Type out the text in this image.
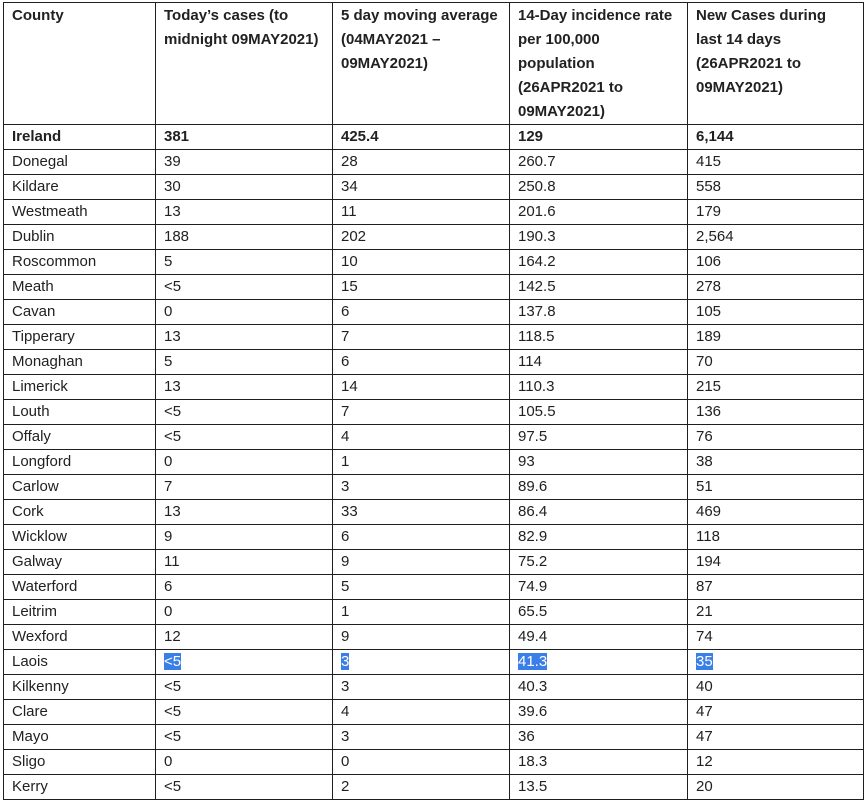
County	Today’s cases (to midnight 09MAY2021)	5 day moving average (04MAY2021 – 09MAY2021)	14-Day incidence rate per 100,000 population (26APR2021 to 09MAY2021)	New Cases during last 14 days (26APR2021 to 09MAY2021)
Ireland	381	425.4	129	6,144
Donegal	39	28	260.7	415
Kildare	30	34	250.8	558
Westmeath	13	11	201.6	179
Dublin	188	202	190.3	2,564
Roscommon	5	10	164.2	106
Meath	<5	15	142.5	278
Cavan	0	6	137.8	105
Tipperary	13	7	118.5	189
Monaghan	5	6	114	70
Limerick	13	14	110.3	215
Louth	<5	7	105.5	136
Offaly	<5	4	97.5	76
Longford	0	1	93	38
Carlow	7	3	89.6	51
Cork	13	33	86.4	469
Wicklow	9	6	82.9	118
Galway	11	9	75.2	194
Waterford	6	5	74.9	87
Leitrim	0	1	65.5	21
Wexford	12	9	49.4	74
Laois	<5	3	41.3	35
Kilkenny	<5	3	40.3	40
Clare	<5	4	39.6	47
Mayo	<5	3	36	47
Sligo	0	0	18.3	12
Kerry	<5	2	13.5	20
